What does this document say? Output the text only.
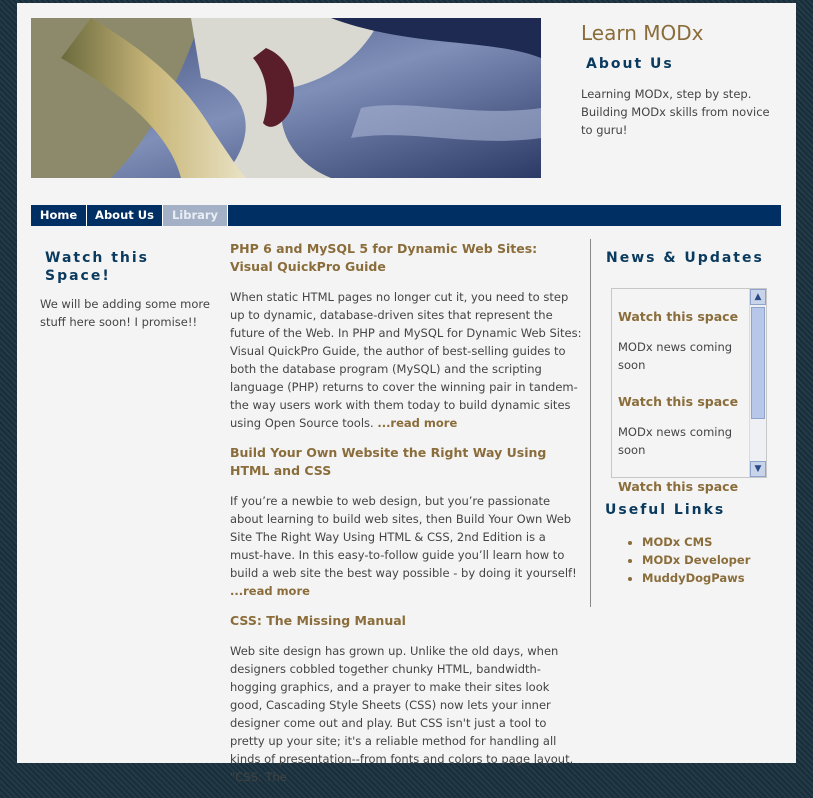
Learn MODx
About Us
Learning MODx, step by step. Building MODx skills from novice to guru!
Home	About Us	Library
Watch this Space!
We will be adding some more stuff here soon! I promise!!

PHP 6 and MySQL 5 for Dynamic Web Sites: Visual QuickPro Guide

When static HTML pages no longer cut it, you need to step up to dynamic, database-driven sites that represent the future of the Web. In PHP and MySQL for Dynamic Web Sites: Visual QuickPro Guide, the author of best-selling guides to both the database program (MySQL) and the scripting language (PHP) returns to cover the winning pair in tandem-the way users work with them today to build dynamic sites using Open Source tools. ...read more

Build Your Own Website the Right Way Using HTML and CSS

If you’re a newbie to web design, but you’re passionate about learning to build web sites, then Build Your Own Web Site The Right Way Using HTML & CSS, 2nd Edition is a must-have. In this easy-to-follow guide you’ll learn how to build a web site the best way possible - by doing it yourself! ...read more

CSS: The Missing Manual

Web site design has grown up. Unlike the old days, when designers cobbled together chunky HTML, bandwidth-hogging graphics, and a prayer to make their sites look good, Cascading Style Sheets (CSS) now lets your inner designer come out and play. But CSS isn't just a tool to pretty up your site; it's a reliable method for handling all kinds of presentation--from fonts and colors to page layout. "CSS: The

News & Updates
Watch this space
MODx news coming soon
Watch this space
MODx news coming soon
Watch this space
▲
▼
Useful Links
• MODx CMS
• MODx Developer
• MuddyDogPaws
